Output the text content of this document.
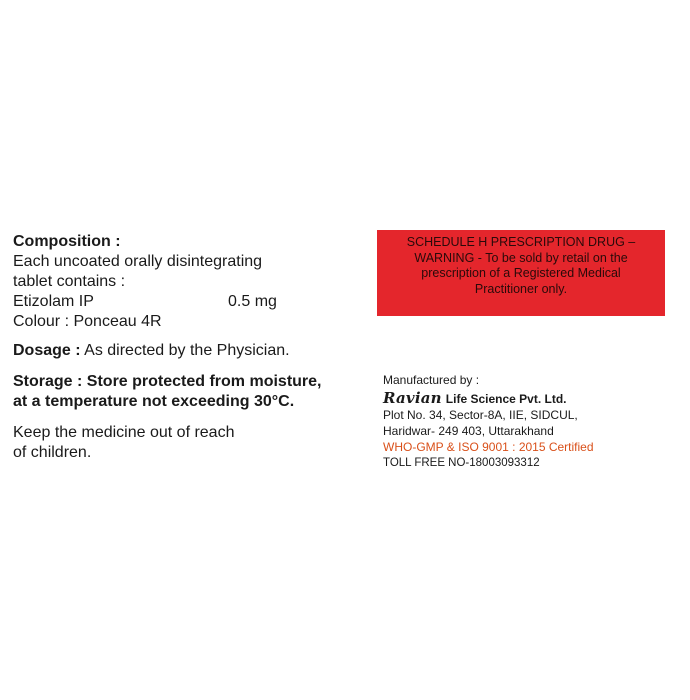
Composition :
Each uncoated orally disintegrating
tablet contains :
Etizolam IP	0.5 mg
Colour : Ponceau 4R
Dosage : As directed by the Physician.
Storage : Store protected from moisture,
at a temperature not exceeding 30°C.
Keep the medicine out of reach
of children.
SCHEDULE H PRESCRIPTION DRUG –
WARNING - To be sold by retail on the
prescription of a Registered Medical
Practitioner only.
Manufactured by :
Ravian Life Science Pvt. Ltd.
Plot No. 34, Sector-8A, IIE, SIDCUL,
Haridwar- 249 403, Uttarakhand
WHO-GMP & ISO 9001 : 2015 Certified
TOLL FREE NO-18003093312
